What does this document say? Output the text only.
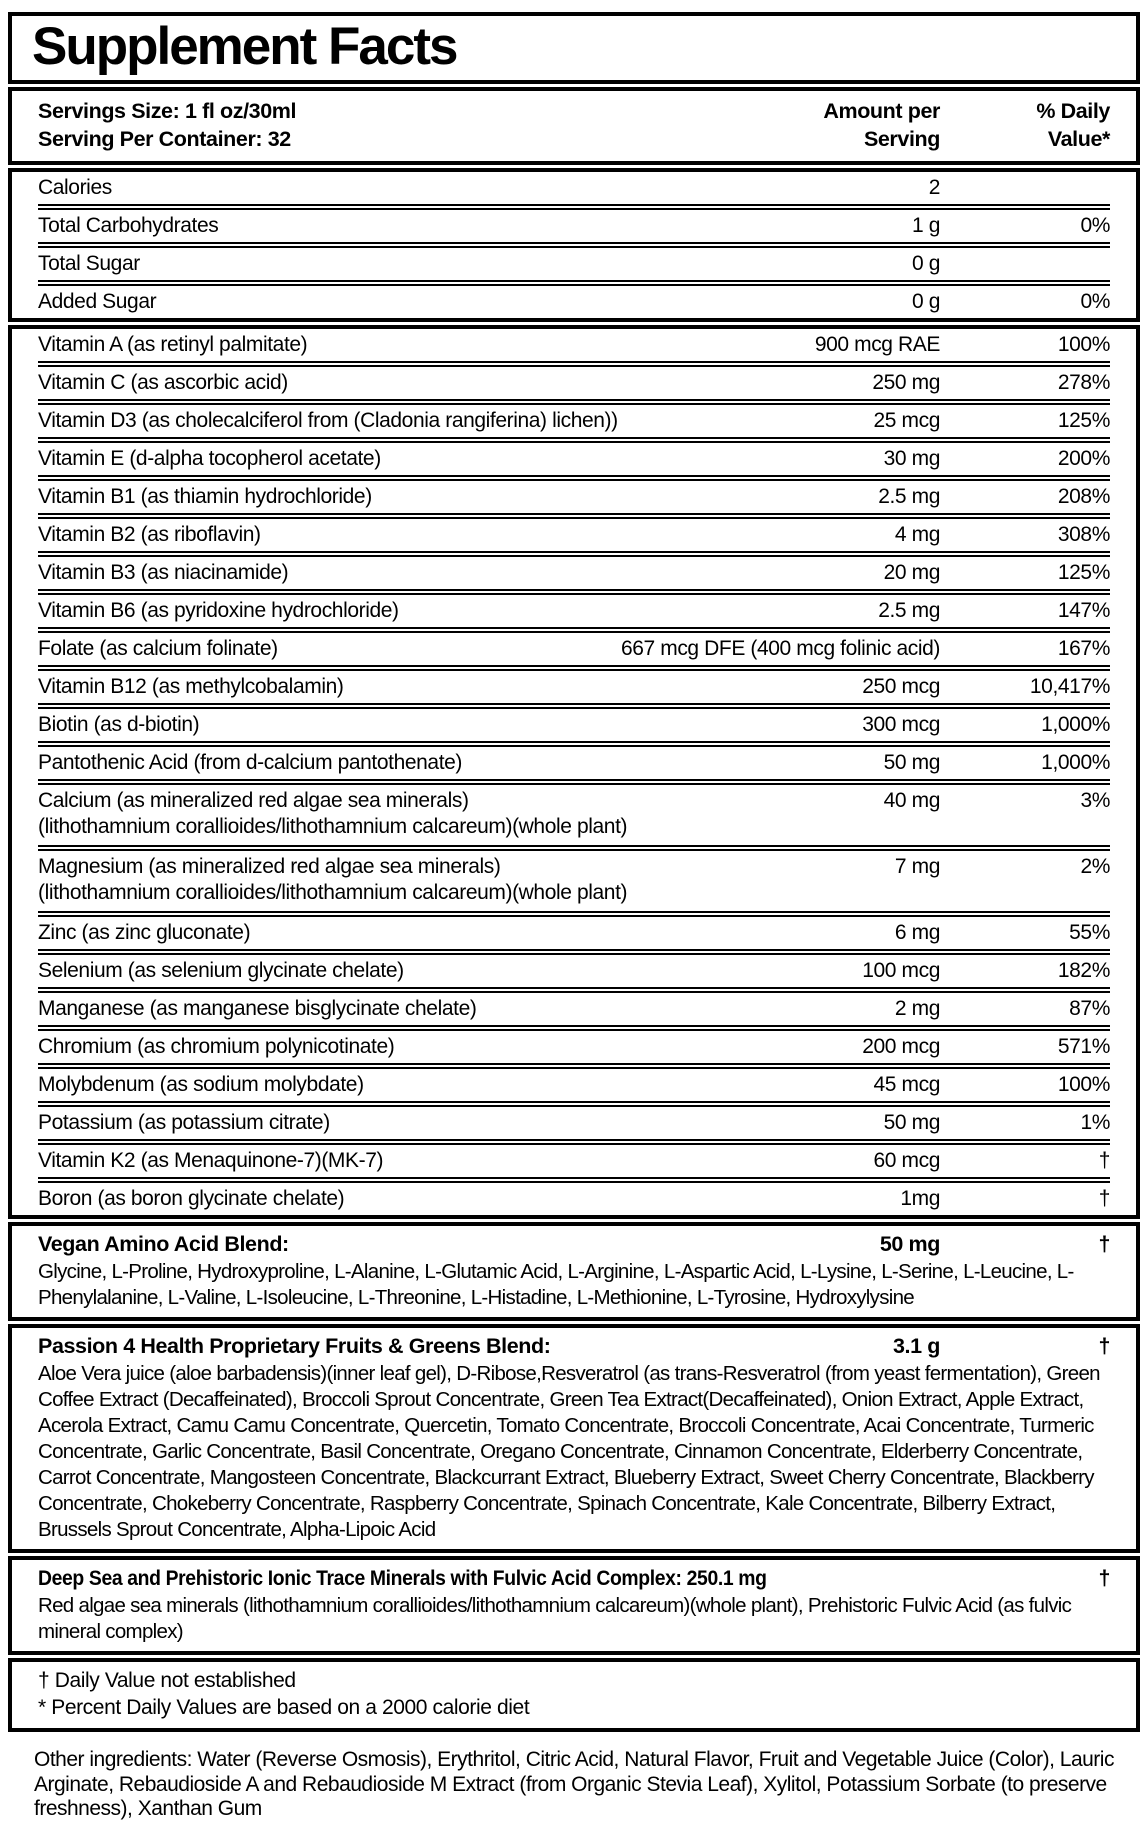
Supplement Facts
Servings Size: 1 fl oz/30ml
Serving Per Container: 32
Amount per
Serving
% Daily
Value*
Calories	2
Total Carbohydrates	1 g	0%
Total Sugar	0 g
Added Sugar	0 g	0%
Vitamin A (as retinyl palmitate)	900 mcg RAE	100%
Vitamin C (as ascorbic acid)	250 mg	278%
Vitamin D3 (as cholecalciferol from (Cladonia rangiferina) lichen))	25 mcg	125%
Vitamin E (d-alpha tocopherol acetate)	30 mg	200%
Vitamin B1 (as thiamin hydrochloride)	2.5 mg	208%
Vitamin B2 (as riboflavin)	4 mg	308%
Vitamin B3 (as niacinamide)	20 mg	125%
Vitamin B6 (as pyridoxine hydrochloride)	2.5 mg	147%
Folate (as calcium folinate)	667 mcg DFE (400 mcg folinic acid)	167%
Vitamin B12 (as methylcobalamin)	250 mcg	10,417%
Biotin (as d-biotin)	300 mcg	1,000%
Pantothenic Acid (from d-calcium pantothenate)	50 mg	1,000%
Calcium (as mineralized red algae sea minerals)	40 mg	3%
(lithothamnium corallioides/lithothamnium calcareum)(whole plant)
Magnesium (as mineralized red algae sea minerals)	7 mg	2%
(lithothamnium corallioides/lithothamnium calcareum)(whole plant)
Zinc (as zinc gluconate)	6 mg	55%
Selenium (as selenium glycinate chelate)	100 mcg	182%
Manganese (as manganese bisglycinate chelate)	2 mg	87%
Chromium (as chromium polynicotinate)	200 mcg	571%
Molybdenum (as sodium molybdate)	45 mcg	100%
Potassium (as potassium citrate)	50 mg	1%
Vitamin K2 (as Menaquinone-7)(MK-7)	60 mcg	†
Boron (as boron glycinate chelate)	1mg	†
Vegan Amino Acid Blend:	50 mg	†

Glycine, L-Proline, Hydroxyproline, L-Alanine, L-Glutamic Acid, L-Arginine, L-Aspartic Acid, L-Lysine, L-Serine, L-Leucine, L-Phenylalanine, L-Valine, L-Isoleucine, L-Threonine, L-Histadine, L-Methionine, L-Tyrosine, Hydroxylysine

Passion 4 Health Proprietary Fruits & Greens Blend:	3.1 g	†

Aloe Vera juice (aloe barbadensis)(inner leaf gel), D-Ribose,Resveratrol (as trans-Resveratrol (from yeast fermentation), Green Coffee Extract (Decaffeinated), Broccoli Sprout Concentrate, Green Tea Extract(Decaffeinated), Onion Extract, Apple Extract, Acerola Extract, Camu Camu Concentrate, Quercetin, Tomato Concentrate, Broccoli Concentrate, Acai Concentrate, Turmeric Concentrate, Garlic Concentrate, Basil Concentrate, Oregano Concentrate, Cinnamon Concentrate, Elderberry Concentrate, Carrot Concentrate, Mangosteen Concentrate, Blackcurrant Extract, Blueberry Extract, Sweet Cherry Concentrate, Blackberry Concentrate, Chokeberry Concentrate, Raspberry Concentrate, Spinach Concentrate, Kale Concentrate, Bilberry Extract, Brussels Sprout Concentrate, Alpha-Lipoic Acid

Deep Sea and Prehistoric Ionic Trace Minerals with Fulvic Acid Complex: 250.1 mg	†

Red algae sea minerals (lithothamnium corallioides/lithothamnium calcareum)(whole plant), Prehistoric Fulvic Acid (as fulvic mineral complex)

† Daily Value not established
* Percent Daily Values are based on a 2000 calorie diet
Other ingredients: Water (Reverse Osmosis), Erythritol, Citric Acid, Natural Flavor, Fruit and Vegetable Juice (Color), Lauric Arginate, Rebaudioside A and Rebaudioside M Extract (from Organic Stevia Leaf), Xylitol, Potassium Sorbate (to preserve freshness), Xanthan Gum
